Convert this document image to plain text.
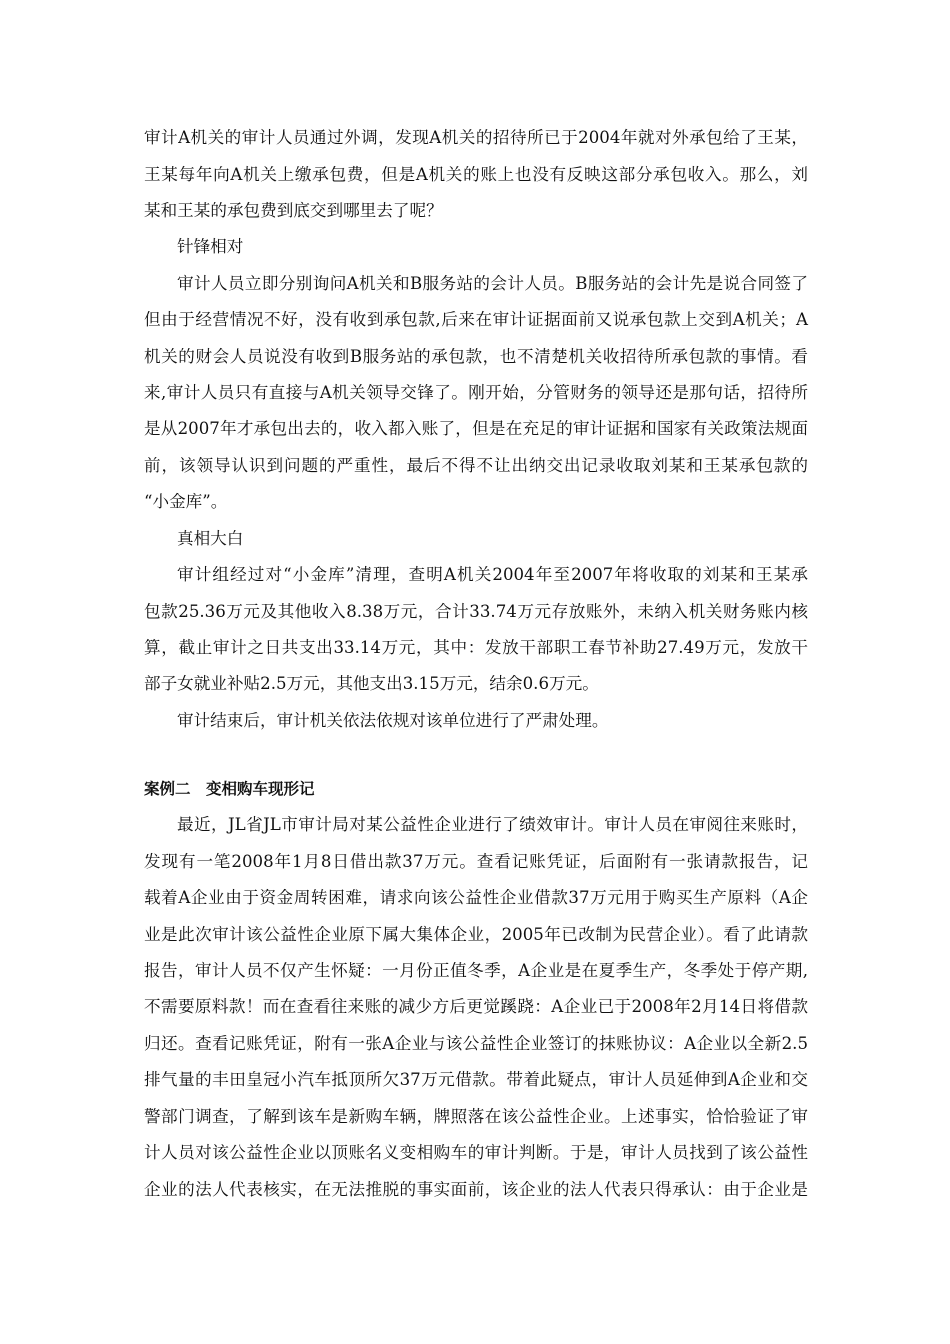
审计A机关的审计人员通过外调，发现A机关的招待所已于2004年就对外承包给了王某，
王某每年向A机关上缴承包费，但是A机关的账上也没有反映这部分承包收入。那么，刘
某和王某的承包费到底交到哪里去了呢？
针锋相对
审计人员立即分别询问A机关和B服务站的会计人员。B服务站的会计先是说合同签了
但由于经营情况不好，没有收到承包款,后来在审计证据面前又说承包款上交到A机关；A
机关的财会人员说没有收到B服务站的承包款，也不清楚机关收招待所承包款的事情。看
来,审计人员只有直接与A机关领导交锋了。刚开始，分管财务的领导还是那句话，招待所
是从2007年才承包出去的，收入都入账了，但是在充足的审计证据和国家有关政策法规面
前，该领导认识到问题的严重性，最后不得不让出纳交出记录收取刘某和王某承包款的
“小金库”。
真相大白
审计组经过对“小金库”清理，查明A机关2004年至2007年将收取的刘某和王某承
包款25.36万元及其他收入8.38万元，合计33.74万元存放账外，未纳入机关财务账内核
算，截止审计之日共支出33.14万元，其中：发放干部职工春节补助27.49万元，发放干
部子女就业补贴2.5万元，其他支出3.15万元，结余0.6万元。
审计结束后，审计机关依法依规对该单位进行了严肃处理。
案例二　变相购车现形记
最近，JL省JL市审计局对某公益性企业进行了绩效审计。审计人员在审阅往来账时，
发现有一笔2008年1月8日借出款37万元。查看记账凭证，后面附有一张请款报告，记
载着A企业由于资金周转困难，请求向该公益性企业借款37万元用于购买生产原料（A企
业是此次审计该公益性企业原下属大集体企业，2005年已改制为民营企业）。看了此请款
报告，审计人员不仅产生怀疑：一月份正值冬季，A企业是在夏季生产，冬季处于停产期,
不需要原料款！而在查看往来账的减少方后更觉蹊跷：A企业已于2008年2月14日将借款
归还。查看记账凭证，附有一张A企业与该公益性企业签订的抹账协议：A企业以全新2.5
排气量的丰田皇冠小汽车抵顶所欠37万元借款。带着此疑点，审计人员延伸到A企业和交
警部门调查，了解到该车是新购车辆，牌照落在该公益性企业。上述事实，恰恰验证了审
计人员对该公益性企业以顶账名义变相购车的审计判断。于是，审计人员找到了该公益性
企业的法人代表核实，在无法推脱的事实面前，该企业的法人代表只得承认：由于企业是
